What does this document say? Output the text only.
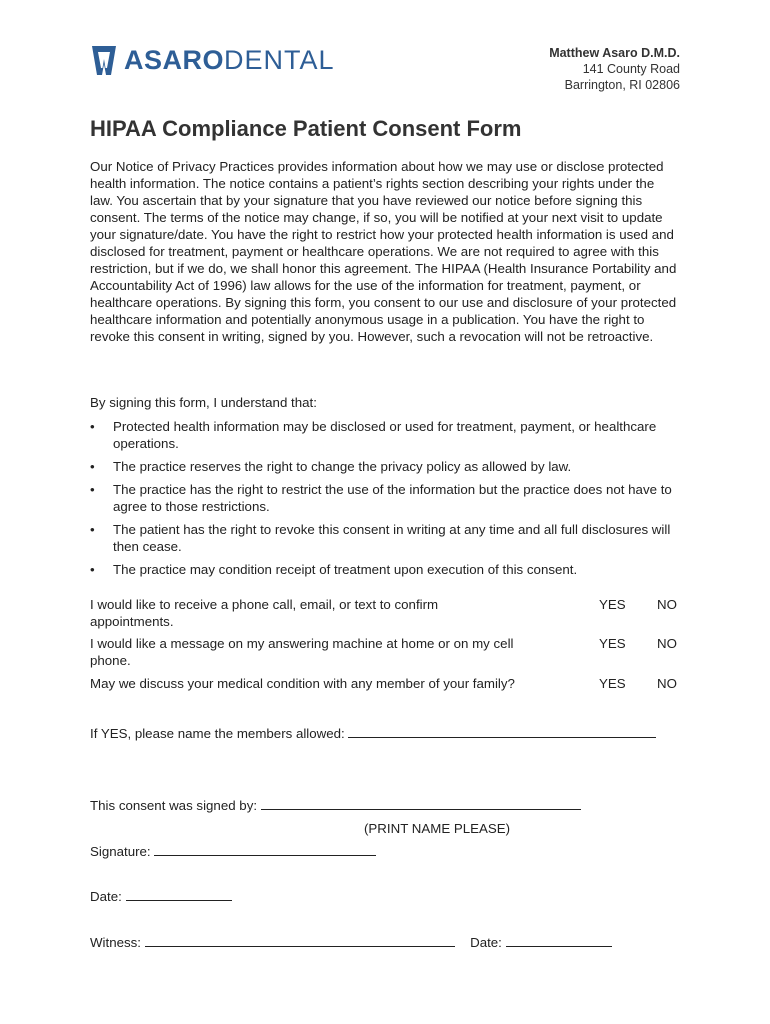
ASARODENTAL	Matthew Asaro D.M.D.
141 County Road
Barrington, RI 02806
HIPAA Compliance Patient Consent Form

Our Notice of Privacy Practices provides information about how we may use or disclose protected health information. The notice contains a patient’s rights section describing your rights under the law. You ascertain that by your signature that you have reviewed our notice before signing this consent. The terms of the notice may change, if so, you will be notified at your next visit to update your signature/date. You have the right to restrict how your protected health information is used and disclosed for treatment, payment or healthcare operations. We are not required to agree with this restriction, but if we do, we shall honor this agreement. The HIPAA (Health Insurance Portability and Accountability Act of 1996) law allows for the use of the information for treatment, payment, or healthcare operations. By signing this form, you consent to our use and disclosure of your protected healthcare information and potentially anonymous usage in a publication. You have the right to revoke this consent in writing, signed by you. However, such a revocation will not be retroactive.

By signing this form, I understand that:

• Protected health information may be disclosed or used for treatment, payment, or healthcare operations.
• The practice reserves the right to change the privacy policy as allowed by law.
• The practice has the right to restrict the use of the information but the practice does not have to agree to those restrictions.
• The patient has the right to revoke this consent in writing at any time and all full disclosures will then cease.
• The practice may condition receipt of treatment upon execution of this consent.
I would like to receive a phone call, email, or text to confirm appointments.
YES NO
I would like a message on my answering machine at home or on my cell phone.
YES NO
May we discuss your medical condition with any member of your family?	YES NO
If YES, please name the members allowed:
This consent was signed by:
(PRINT NAME PLEASE)
Signature:
Date:
Witness:	Date:
